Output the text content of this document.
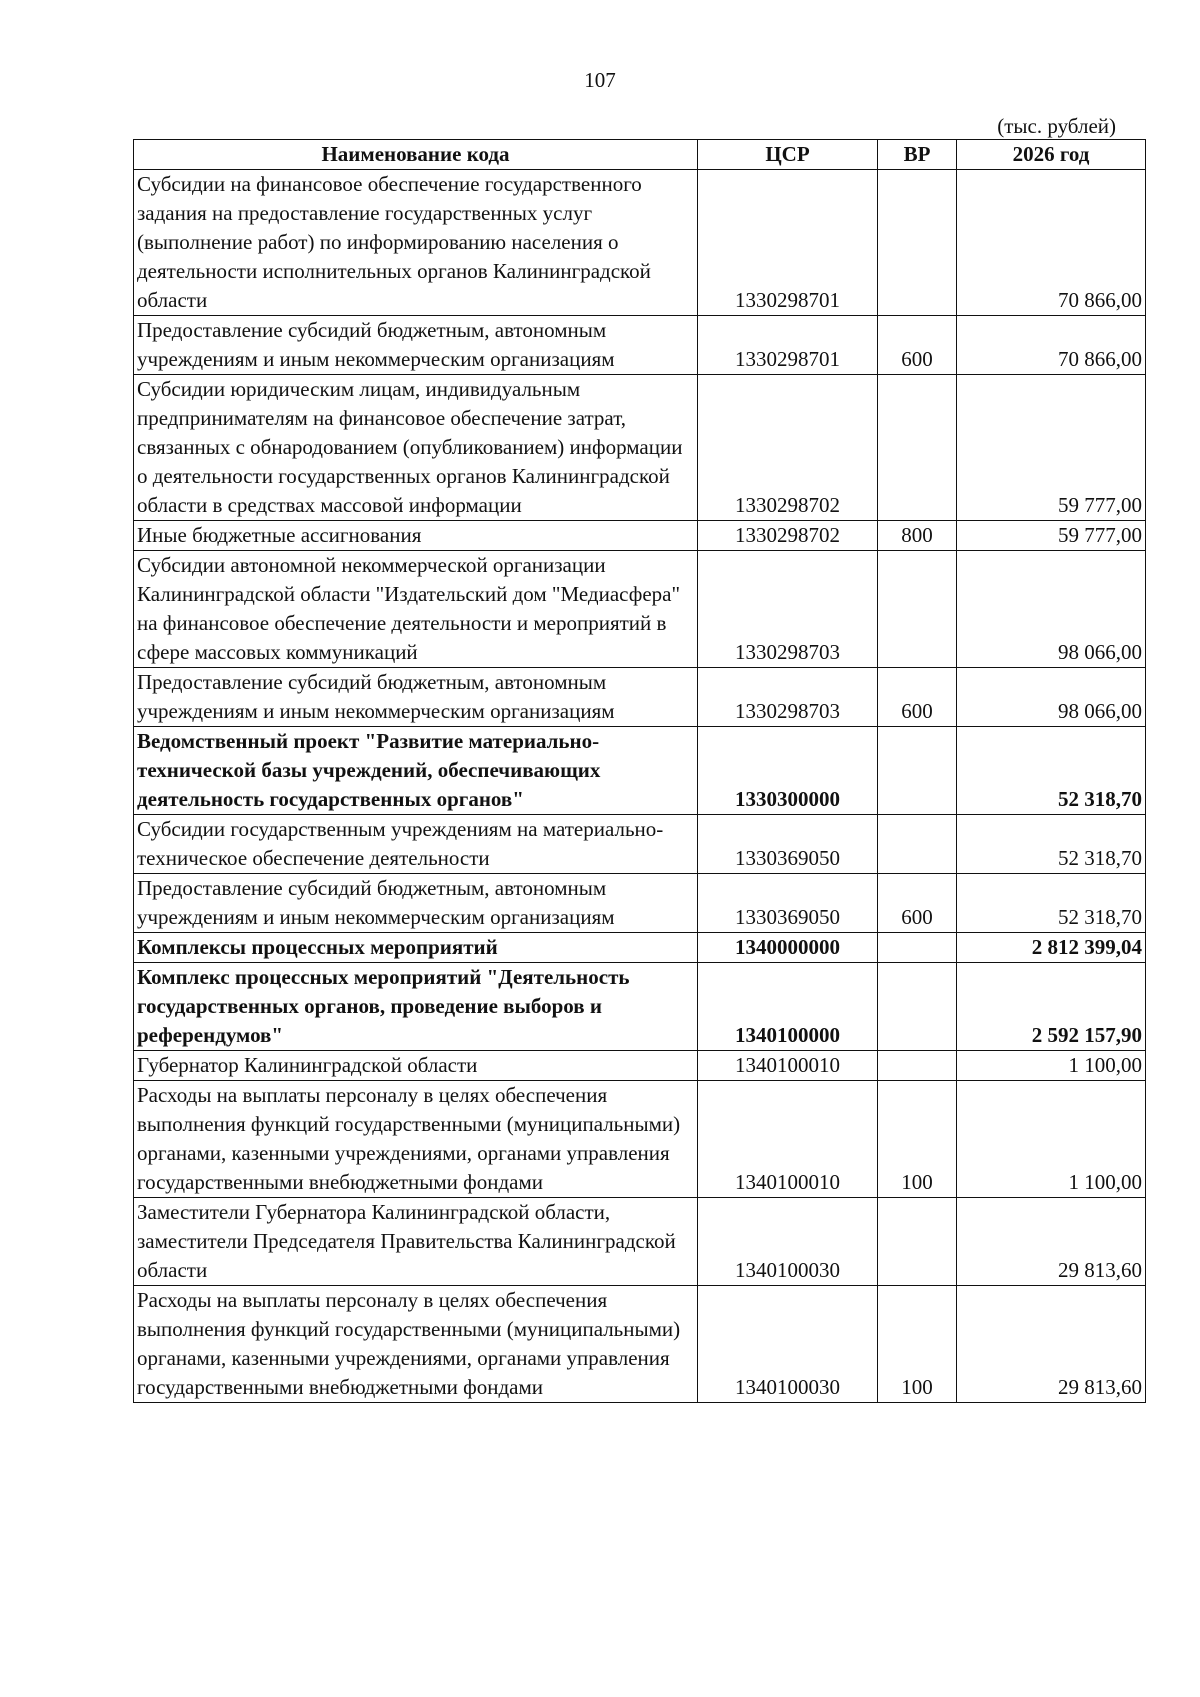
107
(тыс. рублей)
Наименование кода	ЦСР	ВР	2026 год
Субсидии на финансовое обеспечение государственного задания на предоставление государственных услуг (выполнение работ) по информированию населения о деятельности исполнительных органов Калининградской области	1330298701		70 866,00
Предоставление субсидий бюджетным, автономным учреждениям и иным некоммерческим организациям	1330298701	600	70 866,00
Субсидии юридическим лицам, индивидуальным предпринимателям на финансовое обеспечение затрат, связанных с обнародованием (опубликованием) информации о деятельности государственных органов Калининградской области в средствах массовой информации	1330298702		59 777,00
Иные бюджетные ассигнования	1330298702	800	59 777,00
Субсидии автономной некоммерческой организации Калининградской области "Издательский дом "Медиасфера" на финансовое обеспечение деятельности и мероприятий в сфере массовых коммуникаций	1330298703		98 066,00
Предоставление субсидий бюджетным, автономным учреждениям и иным некоммерческим организациям	1330298703	600	98 066,00
Ведомственный проект "Развитие материально-технической базы учреждений, обеспечивающих деятельность государственных органов"	1330300000		52 318,70
Субсидии государственным учреждениям на материально-техническое обеспечение деятельности	1330369050		52 318,70
Предоставление субсидий бюджетным, автономным учреждениям и иным некоммерческим организациям	1330369050	600	52 318,70
Комплексы процессных мероприятий	1340000000		2 812 399,04
Комплекс процессных мероприятий "Деятельность государственных органов, проведение выборов и референдумов"	1340100000		2 592 157,90
Губернатор Калининградской области	1340100010		1 100,00
Расходы на выплаты персоналу в целях обеспечения выполнения функций государственными (муниципальными) органами, казенными учреждениями, органами управления государственными внебюджетными фондами	1340100010	100	1 100,00
Заместители Губернатора Калининградской области, заместители Председателя Правительства Калининградской области	1340100030		29 813,60
Расходы на выплаты персоналу в целях обеспечения выполнения функций государственными (муниципальными) органами, казенными учреждениями, органами управления государственными внебюджетными фондами	1340100030	100	29 813,60
